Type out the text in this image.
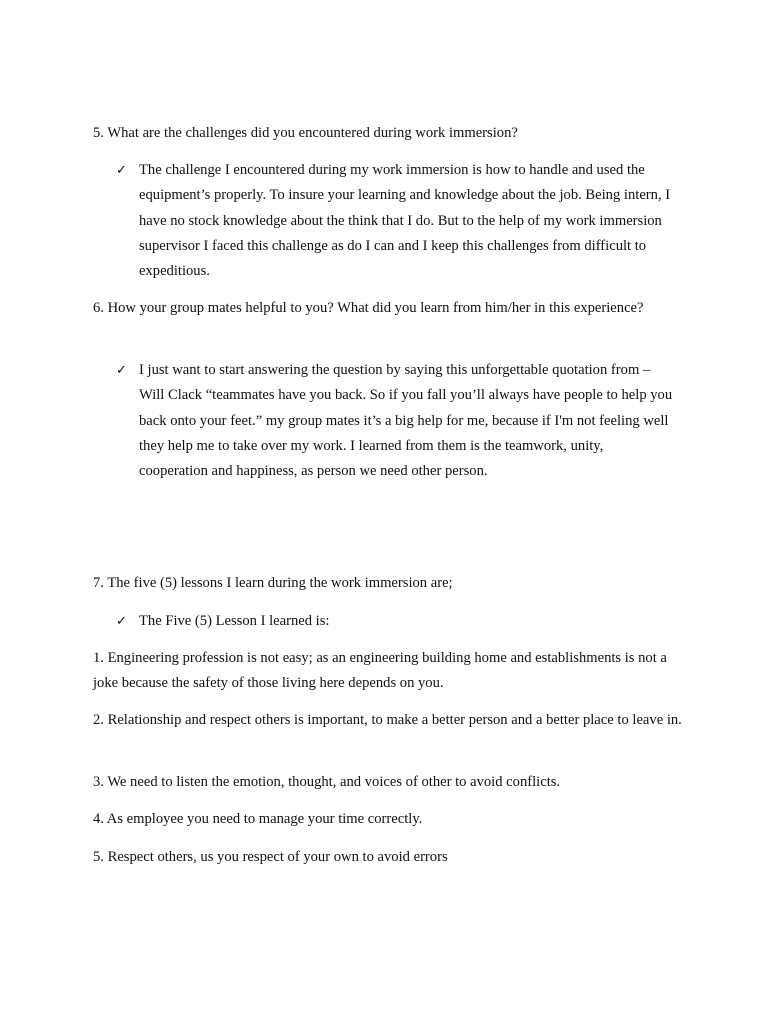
5. What are the challenges did you encountered during work immersion?

✓ The challenge I encountered during my work immersion is how to handle and used the equipment’s properly. To insure your learning and knowledge about the job. Being intern, I have no stock knowledge about the think that I do. But to the help of my work immersion supervisor I faced this challenge as do I can and I keep this challenges from difficult to expeditious.

6. How your group mates helpful to you? What did you learn from him/her in this experience?

✓ I just want to start answering the question by saying this unforgettable quotation from – Will Clack “teammates have you back. So if you fall you’ll always have people to help you back onto your feet.” my group mates it’s a big help for me, because if I'm not feeling well they help me to take over my work. I learned from them is the teamwork, unity, cooperation and happiness, as person we need other person.

7. The five (5) lessons I learn during the work immersion are;

✓ The Five (5) Lesson I learned is:

1. Engineering profession is not easy; as an engineering building home and establishments is not a joke because the safety of those living here depends on you.

2. Relationship and respect others is important, to make a better person and a better place to leave in.

3. We need to listen the emotion, thought, and voices of other to avoid conflicts.

4. As employee you need to manage your time correctly.

5. Respect others, us you respect of your own to avoid errors
